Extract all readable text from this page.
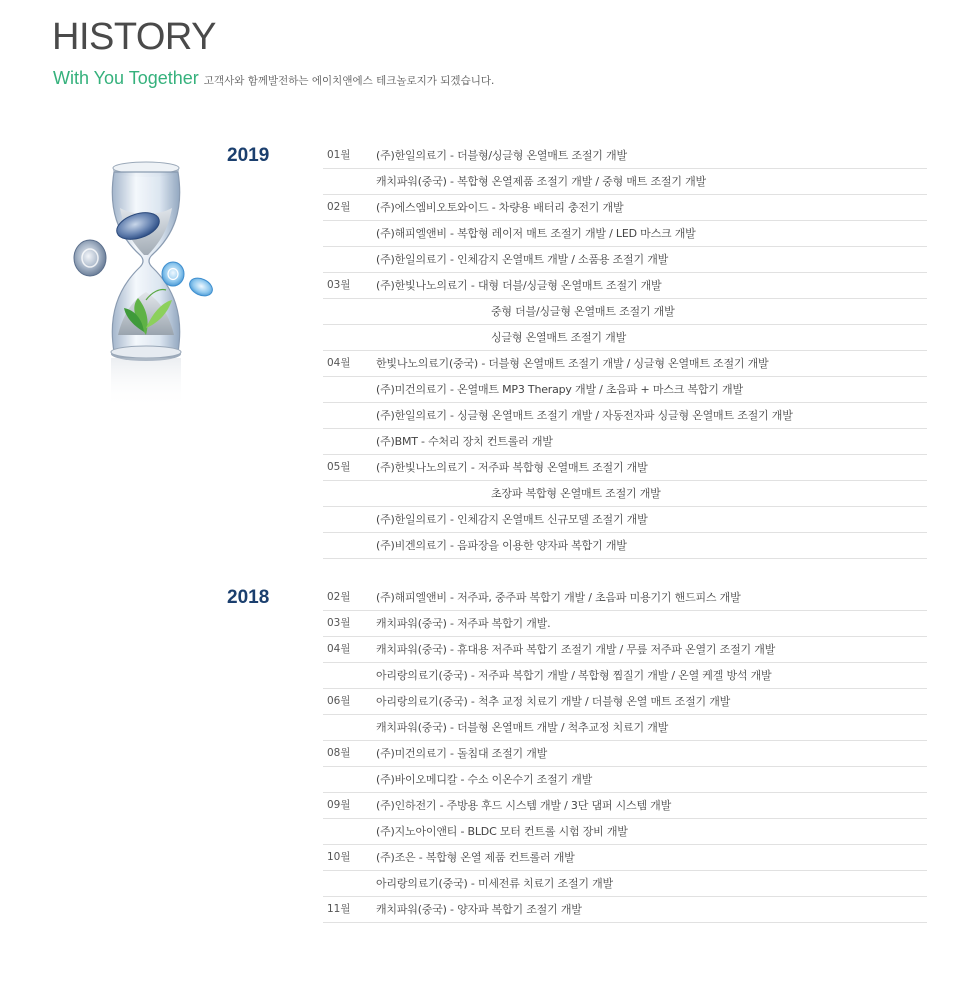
HISTORY
With You Together 고객사와 함께발전하는 에이치앤에스 테크놀로지가 되겠습니다.
2019	01월 (주)한일의료기 - 더블형/싱글형 온열매트 조절기 개발
캐치파워(중국) - 복합형 온열제품 조절기 개발 / 중형 매트 조절기 개발
02월 (주)에스엠비오토와이드 - 차량용 배터리 충전기 개발
(주)해피엘앤비 - 복합형 레이저 매트 조절기 개발 / LED 마스크 개발
(주)한일의료기 - 인체감지 온열매트 개발 / 소품용 조절기 개발
03월 (주)한빛나노의료기 - 대형 더블/싱글형 온열매트 조절기 개발
중형 더블/싱글형 온열매트 조절기 개발
싱글형 온열매트 조절기 개발
04월 한빛나노의료기(중국) - 더블형 온열매트 조절기 개발 / 싱글형 온열매트 조절기 개발
(주)미건의료기 - 온열매트 MP3 Therapy 개발 / 초음파 + 마스크 복합기 개발
(주)한일의료기 - 싱글형 온열매트 조절기 개발 / 자동전자파 싱글형 온열매트 조절기 개발
(주)BMT - 수처리 장치 컨트롤러 개발
05월 (주)한빛나노의료기 - 저주파 복합형 온열매트 조절기 개발
초장파 복합형 온열매트 조절기 개발
(주)한일의료기 - 인체감지 온열매트 신규모델 조절기 개발
(주)비겐의료기 - 음파장을 이용한 양자파 복합기 개발
2018	02월 (주)해피엘앤비 - 저주파, 중주파 복합기 개발 / 초음파 미용기기 핸드피스 개발
03월 캐치파워(중국) - 저주파 복합기 개발.
04월 캐치파워(중국) - 휴대용 저주파 복합기 조절기 개발 / 무릎 저주파 온열기 조절기 개발
아리랑의료기(중국) - 저주파 복합기 개발 / 복합형 찜질기 개발 / 온열 케겔 방석 개발
06월 아리랑의료기(중국) - 척추 교정 치료기 개발 / 더블형 온열 매트 조절기 개발
캐치파워(중국) - 더블형 온열매트 개발 / 척추교정 치료기 개발
08월 (주)미건의료기 - 돌침대 조절기 개발
(주)바이오메디칼 - 수소 이온수기 조절기 개발
09월 (주)인하전기 - 주방용 후드 시스템 개발 / 3단 댐퍼 시스템 개발
(주)지노아이앤티 - BLDC 모터 컨트롤 시험 장비 개발
10월 (주)조은 - 복합형 온열 제품 컨트롤러 개발
아리랑의료기(중국) - 미세전류 치료기 조절기 개발
11월 캐치파워(중국) - 양자파 복합기 조절기 개발
